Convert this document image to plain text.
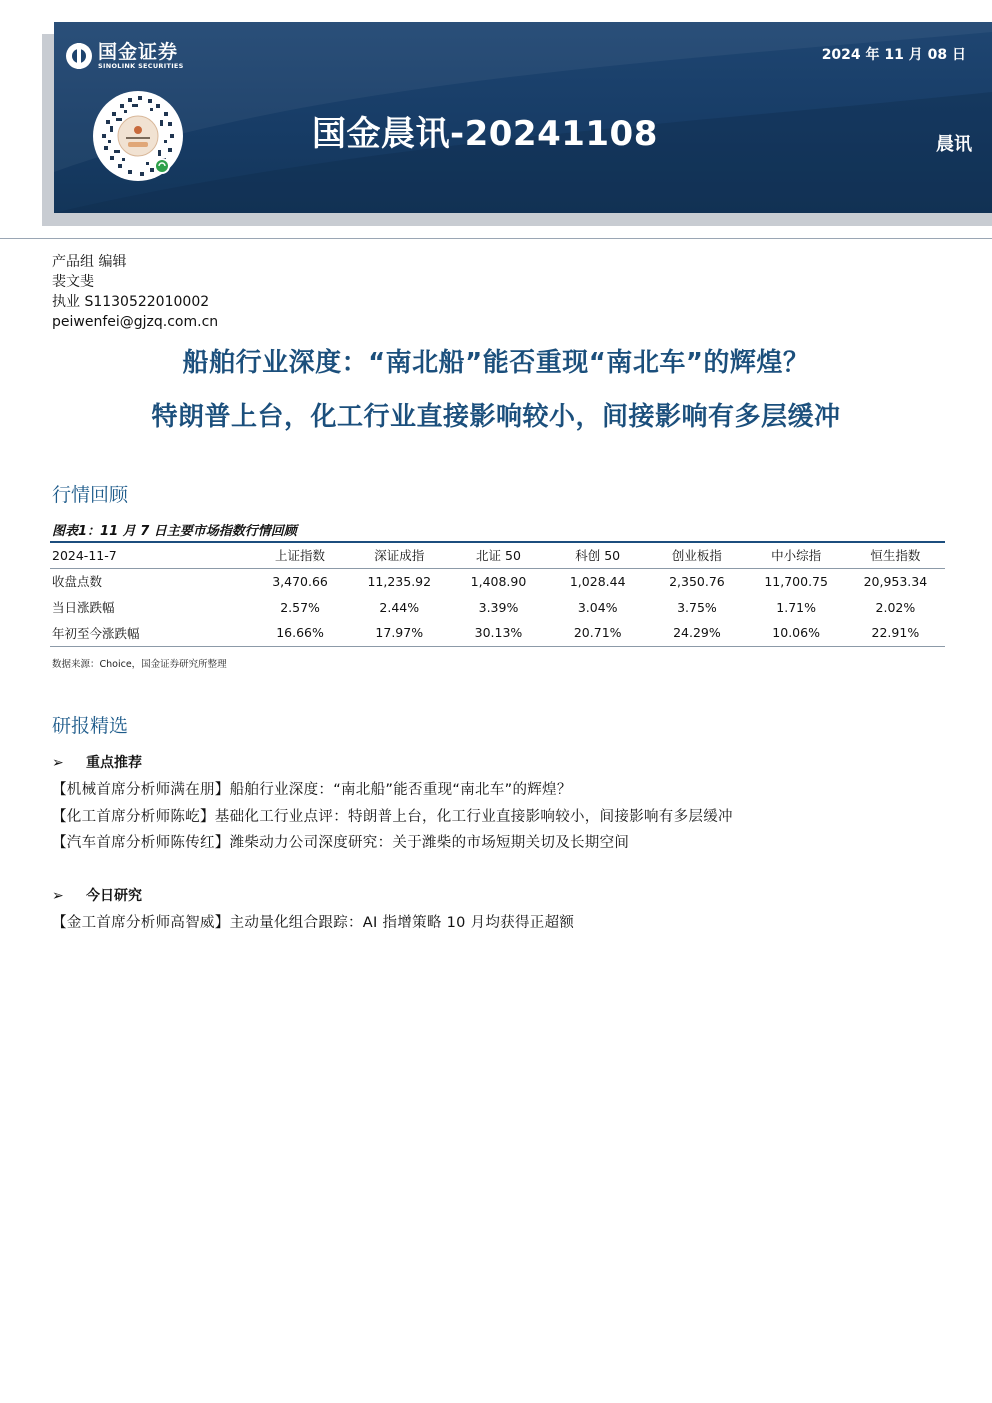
国金证券
SINOLINK SECURITIES
2024 年 11 月 08 日
国金晨讯-20241108	晨讯
产品组 编辑
裴文斐
执业 S1130522010002
peiwenfei@gjzq.com.cn
船舶行业深度：“南北船”能否重现“南北车”的辉煌？
特朗普上台，化工行业直接影响较小，间接影响有多层缓冲
行情回顾
图表1：11 月 7 日主要市场指数行情回顾
2024-11-7	上证指数	深证成指	北证 50	科创 50	创业板指	中小综指	恒生指数
收盘点数	3,470.66	11,235.92	1,408.90	1,028.44	2,350.76	11,700.75	20,953.34
当日涨跌幅	2.57%	2.44%	3.39%	3.04%	3.75%	1.71%	2.02%
年初至今涨跌幅	16.66%	17.97%	30.13%	20.71%	24.29%	10.06%	22.91%
数据来源：Choice，国金证券研究所整理
研报精选
➢ 重点推荐
【机械首席分析师满在朋】船舶行业深度：“南北船”能否重现“南北车”的辉煌？
【化工首席分析师陈屹】基础化工行业点评：特朗普上台，化工行业直接影响较小，间接影响有多层缓冲
【汽车首席分析师陈传红】潍柴动力公司深度研究：关于潍柴的市场短期关切及长期空间
➢ 今日研究
【金工首席分析师高智威】主动量化组合跟踪：AI 指增策略 10 月均获得正超额
